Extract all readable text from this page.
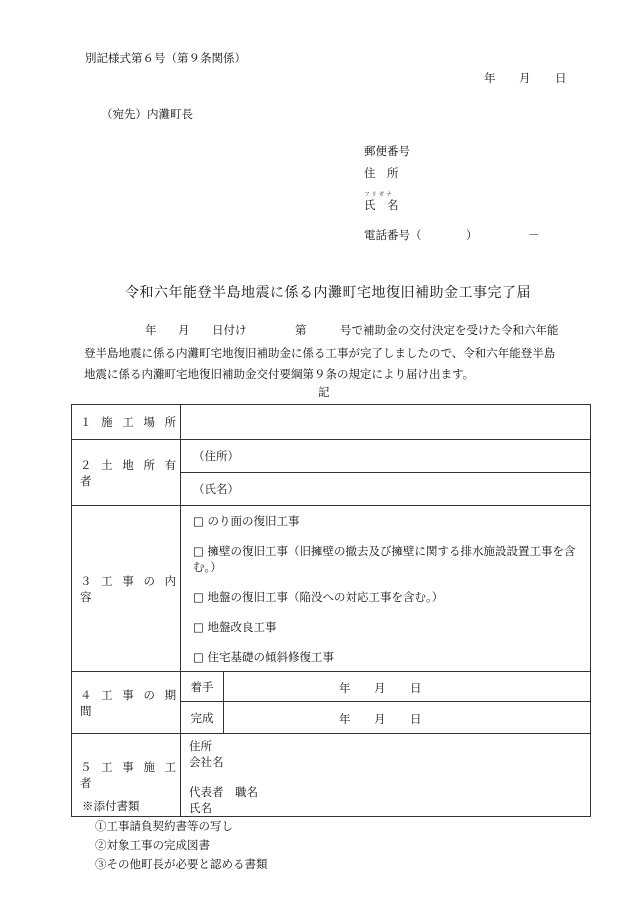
別記様式第６号（第９条関係）
年 月 日
（宛先）内灘町長
郵便番号
住　所
フリガナ
氏　名
電話番号（	）	－
令和六年能登半島地震に係る内灘町宅地復旧補助金工事完了届
年 月 日付け	第	号で補助金の交付決定を受けた令和六年能
登半島地震に係る内灘町宅地復旧補助金に係る工事が完了しましたので、令和六年能登半島
地震に係る内灘町宅地復旧補助金交付要綱第９条の規定により届け出ます。
記
１ 施 工 場 所		
２ 土 地 所 有 者	（住所）	
	（氏名）	
３ 工 事 の 内 容	□ のり面の復旧工事
□ 擁壁の復旧工事（旧擁壁の撤去及び擁壁に関する排水施設設置工事を含む。）
□ 地盤の復旧工事（陥没への対応工事を含む。）
□ 地盤改良工事
□ 住宅基礎の傾斜修復工事	

４ 工 事 の 期 間	着手	年 月 日

	完成	年 月 日

５ 工 事 施 工 者	住所
会社名
代表者　職名
氏名	
※添付書類
①工事請負契約書等の写し
②対象工事の完成図書
③その他町長が必要と認める書類
